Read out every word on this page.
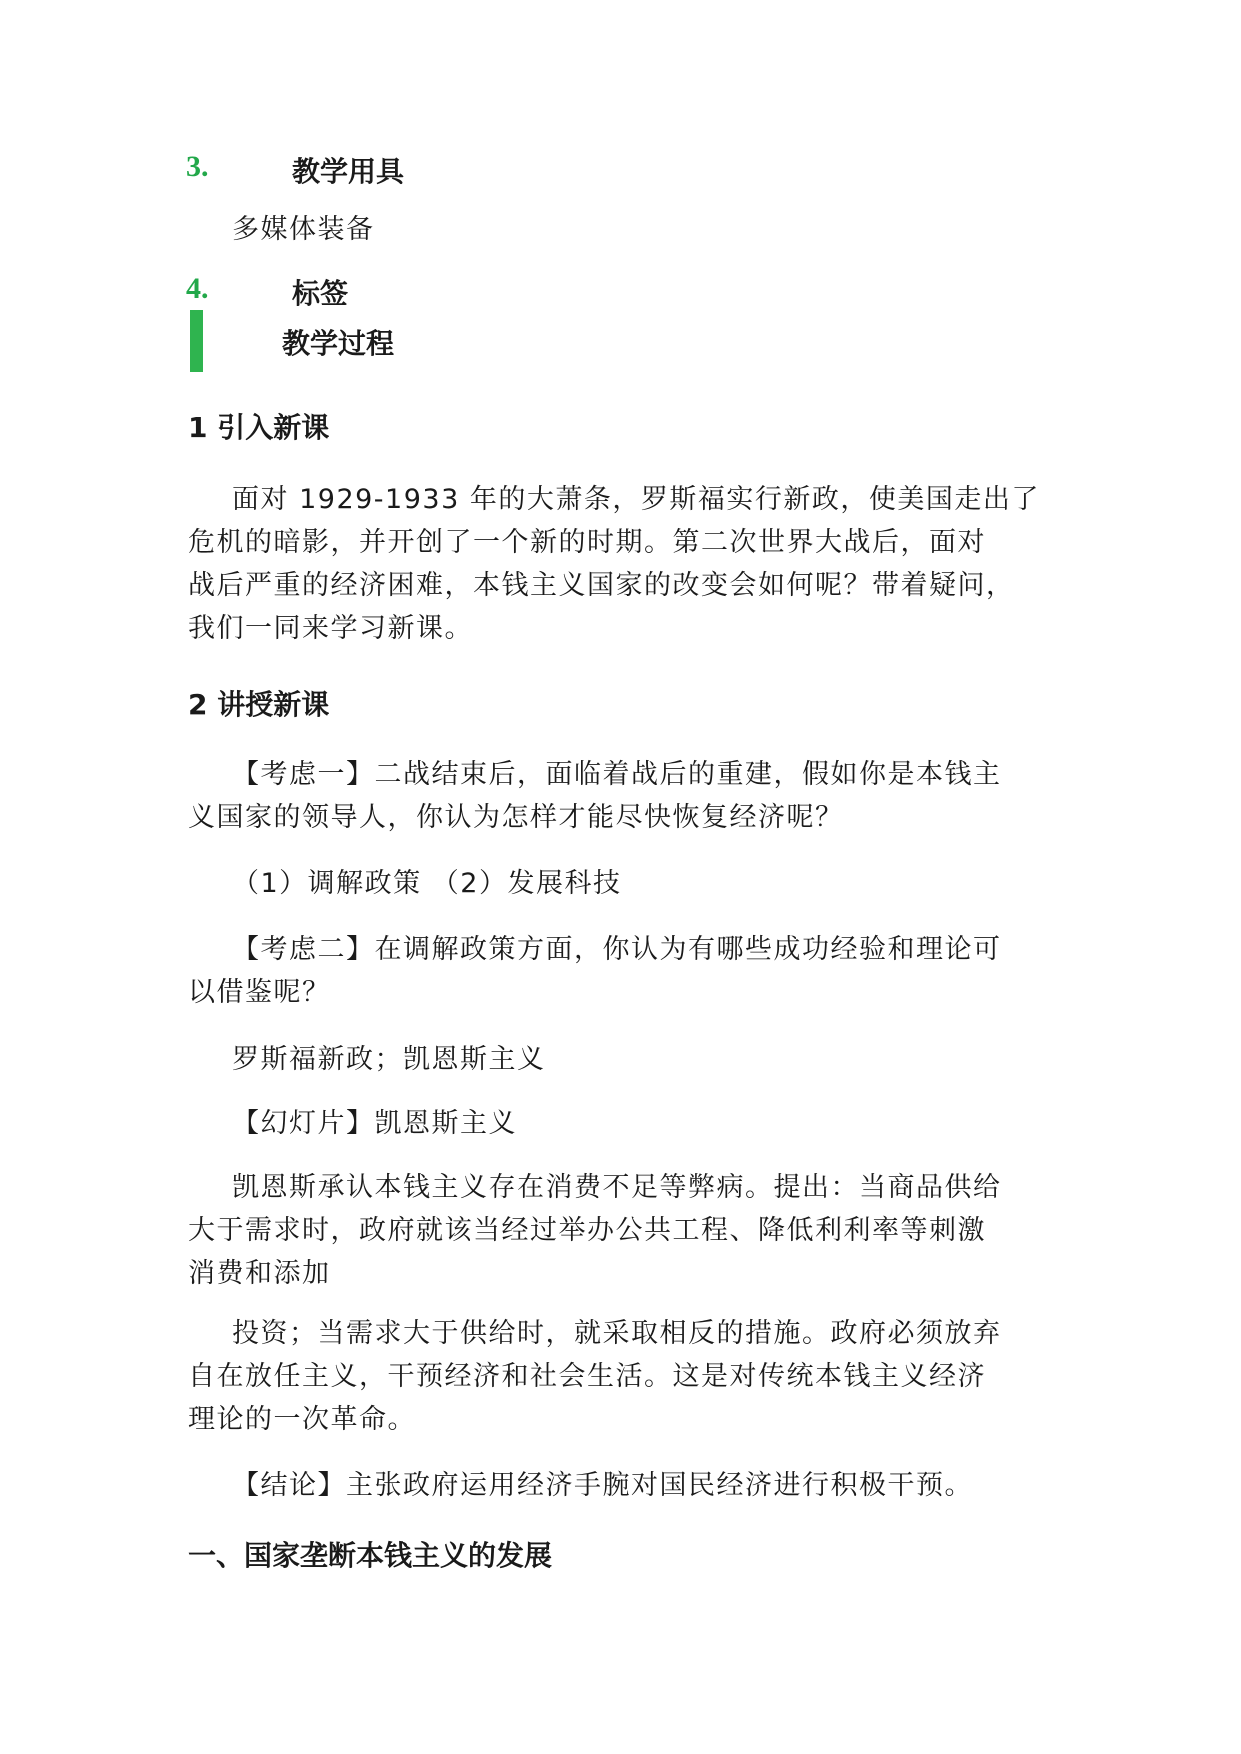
3.	教学用具
多媒体装备
4.	标签
教学过程
1 引入新课
面对 1929-1933 年的大萧条，罗斯福实行新政，使美国走出了
危机的暗影，并开创了一个新的时期。第二次世界大战后，面对
战后严重的经济困难，本钱主义国家的改变会如何呢？带着疑问，
我们一同来学习新课。
2 讲授新课
【考虑一】二战结束后，面临着战后的重建，假如你是本钱主
义国家的领导人，你认为怎样才能尽快恢复经济呢？
（1）调解政策 （2）发展科技
【考虑二】在调解政策方面，你认为有哪些成功经验和理论可
以借鉴呢？
罗斯福新政；凯恩斯主义
【幻灯片】凯恩斯主义
凯恩斯承认本钱主义存在消费不足等弊病。提出：当商品供给
大于需求时，政府就该当经过举办公共工程、降低利利率等刺激
消费和添加
投资；当需求大于供给时，就采取相反的措施。政府必须放弃
自在放任主义，干预经济和社会生活。这是对传统本钱主义经济
理论的一次革命。
【结论】主张政府运用经济手腕对国民经济进行积极干预。
一、国家垄断本钱主义的发展
